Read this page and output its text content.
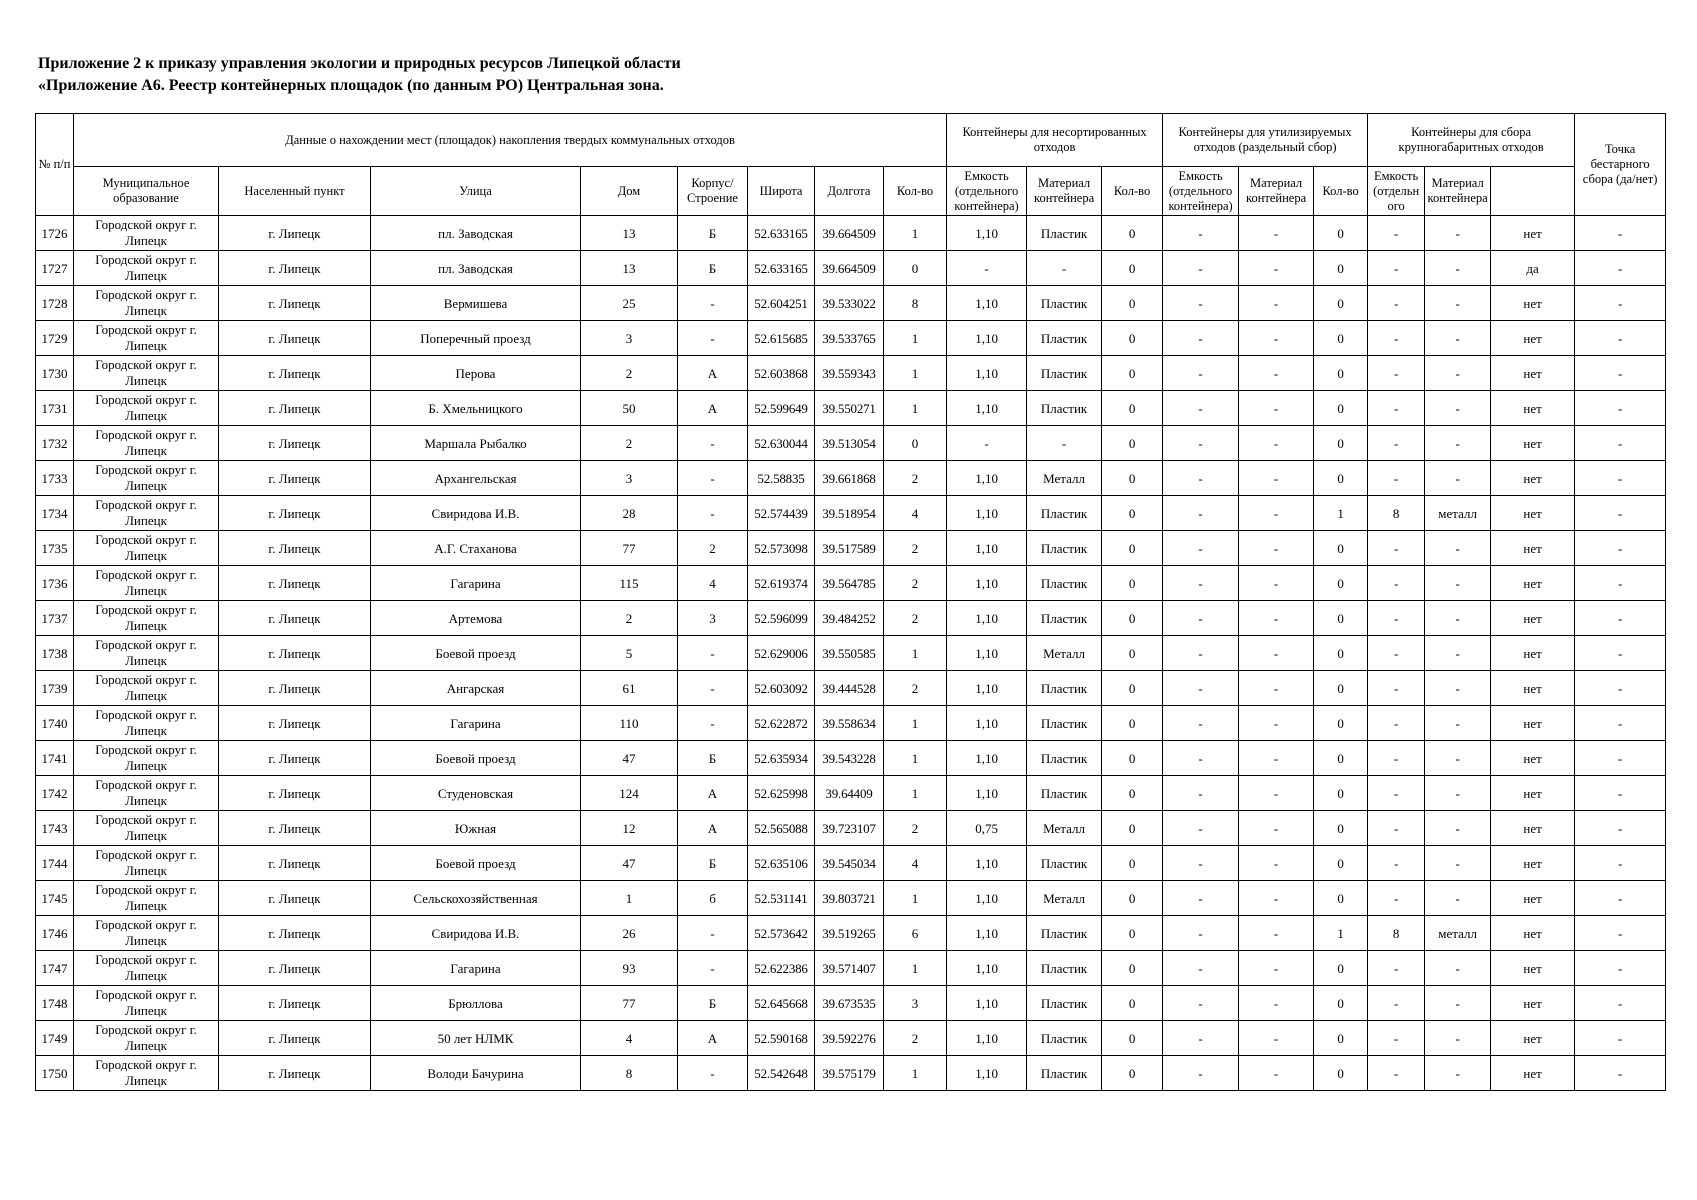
Приложение 2 к приказу управления экологии и природных ресурсов Липецкой области
«Приложение А6. Реестр контейнерных площадок (по данным РО) Центральная зона.
№ п/п	Данные о нахождении мест (площадок) накопления твердых коммунальных отходов								Контейнеры для несортированных отходов			Контейнеры для утилизируемых отходов (раздельный сбор)			Контейнеры для сбора крупногабаритных отходов			Точка бестарного сбора (да/нет)	
	Муниципальное образование	Населенный пункт	Улица	Дом	Корпус/ Строение	Широта	Долгота	Кол-во	Емкость (отдельного контейнера)	Материал контейнера	Кол-во	Емкость (отдельного контейнера)	Материал контейнера	Кол-во	Емкость (отдельн ого	Материал контейнера			
1726	Городской округ г. Липецк	г. Липецк	пл. Заводская	13	Б	52.633165	39.664509	1	1,10	Пластик	0	-	-	0	-	-	нет	-	
1727	Городской округ г. Липецк	г. Липецк	пл. Заводская	13	Б	52.633165	39.664509	0	-	-	0	-	-	0	-	-	да	-	
1728	Городской округ г. Липецк	г. Липецк	Вермишева	25	-	52.604251	39.533022	8	1,10	Пластик	0	-	-	0	-	-	нет	-	
1729	Городской округ г. Липецк	г. Липецк	Поперечный проезд	3	-	52.615685	39.533765	1	1,10	Пластик	0	-	-	0	-	-	нет	-	
1730	Городской округ г. Липецк	г. Липецк	Перова	2	А	52.603868	39.559343	1	1,10	Пластик	0	-	-	0	-	-	нет	-	
1731	Городской округ г. Липецк	г. Липецк	Б. Хмельницкого	50	А	52.599649	39.550271	1	1,10	Пластик	0	-	-	0	-	-	нет	-	
1732	Городской округ г. Липецк	г. Липецк	Маршала Рыбалко	2	-	52.630044	39.513054	0	-	-	0	-	-	0	-	-	нет	-	
1733	Городской округ г. Липецк	г. Липецк	Архангельская	3	-	52.58835	39.661868	2	1,10	Металл	0	-	-	0	-	-	нет	-	
1734	Городской округ г. Липецк	г. Липецк	Свиридова И.В.	28	-	52.574439	39.518954	4	1,10	Пластик	0	-	-	1	8	металл	нет	-	
1735	Городской округ г. Липецк	г. Липецк	А.Г. Стаханова	77	2	52.573098	39.517589	2	1,10	Пластик	0	-	-	0	-	-	нет	-	
1736	Городской округ г. Липецк	г. Липецк	Гагарина	115	4	52.619374	39.564785	2	1,10	Пластик	0	-	-	0	-	-	нет	-	
1737	Городской округ г. Липецк	г. Липецк	Артемова	2	3	52.596099	39.484252	2	1,10	Пластик	0	-	-	0	-	-	нет	-	
1738	Городской округ г. Липецк	г. Липецк	Боевой проезд	5	-	52.629006	39.550585	1	1,10	Металл	0	-	-	0	-	-	нет	-	
1739	Городской округ г. Липецк	г. Липецк	Ангарская	61	-	52.603092	39.444528	2	1,10	Пластик	0	-	-	0	-	-	нет	-	
1740	Городской округ г. Липецк	г. Липецк	Гагарина	110	-	52.622872	39.558634	1	1,10	Пластик	0	-	-	0	-	-	нет	-	
1741	Городской округ г. Липецк	г. Липецк	Боевой проезд	47	Б	52.635934	39.543228	1	1,10	Пластик	0	-	-	0	-	-	нет	-	
1742	Городской округ г. Липецк	г. Липецк	Студеновская	124	А	52.625998	39.64409	1	1,10	Пластик	0	-	-	0	-	-	нет	-	
1743	Городской округ г. Липецк	г. Липецк	Южная	12	А	52.565088	39.723107	2	0,75	Металл	0	-	-	0	-	-	нет	-	
1744	Городской округ г. Липецк	г. Липецк	Боевой проезд	47	Б	52.635106	39.545034	4	1,10	Пластик	0	-	-	0	-	-	нет	-	
1745	Городской округ г. Липецк	г. Липецк	Сельскохозяйственная	1	б	52.531141	39.803721	1	1,10	Металл	0	-	-	0	-	-	нет	-	
1746	Городской округ г. Липецк	г. Липецк	Свиридова И.В.	26	-	52.573642	39.519265	6	1,10	Пластик	0	-	-	1	8	металл	нет	-	
1747	Городской округ г. Липецк	г. Липецк	Гагарина	93	-	52.622386	39.571407	1	1,10	Пластик	0	-	-	0	-	-	нет	-	
1748	Городской округ г. Липецк	г. Липецк	Брюллова	77	Б	52.645668	39.673535	3	1,10	Пластик	0	-	-	0	-	-	нет	-	
1749	Городской округ г. Липецк	г. Липецк	50 лет НЛМК	4	А	52.590168	39.592276	2	1,10	Пластик	0	-	-	0	-	-	нет	-	
1750	Городской округ г. Липецк	г. Липецк	Володи Бачурина	8	-	52.542648	39.575179	1	1,10	Пластик	0	-	-	0	-	-	нет	-	
